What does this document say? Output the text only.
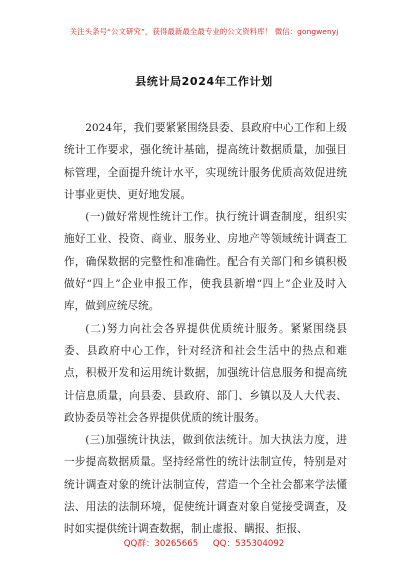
关注头条号“公文研究”，获得最新最全最专业的公文资料库！ 微信：gongwenyj
县统计局2024年工作计划

2024年，我们要紧紧围绕县委、县政府中心工作和上级统计工作要求，强化统计基础，提高统计数据质量，加强目标管理，全面提升统计水平，实现统计服务优质高效促进统计事业更快、更好地发展。

(一)做好常规性统计工作。执行统计调查制度，组织实施好工业、投资、商业、服务业、房地产等领域统计调查工作，确保数据的完整性和准确性。配合有关部门和乡镇积极做好“四上”企业申报工作，使我县新增“四上”企业及时入库，做到应统尽统。

(二)努力向社会各界提供优质统计服务。紧紧围绕县委、县政府中心工作，针对经济和社会生活中的热点和难点，积极开发和运用统计数据，加强统计信息服务和提高统计信息质量，向县委、县政府、部门、乡镇以及人大代表、政协委员等社会各界提供优质的统计服务。

(三)加强统计执法，做到依法统计。加大执法力度，进一步提高数据质量。坚持经常性的统计法制宣传，特别是对统计调查对象的统计法制宣传，营造一个全社会都来学法懂法、用法的法制环境，促使统计调查对象自觉接受调查，及时如实提供统计调查数据，制止虚报、瞒报、拒报、

QQ群：30265665 QQ：535304092
